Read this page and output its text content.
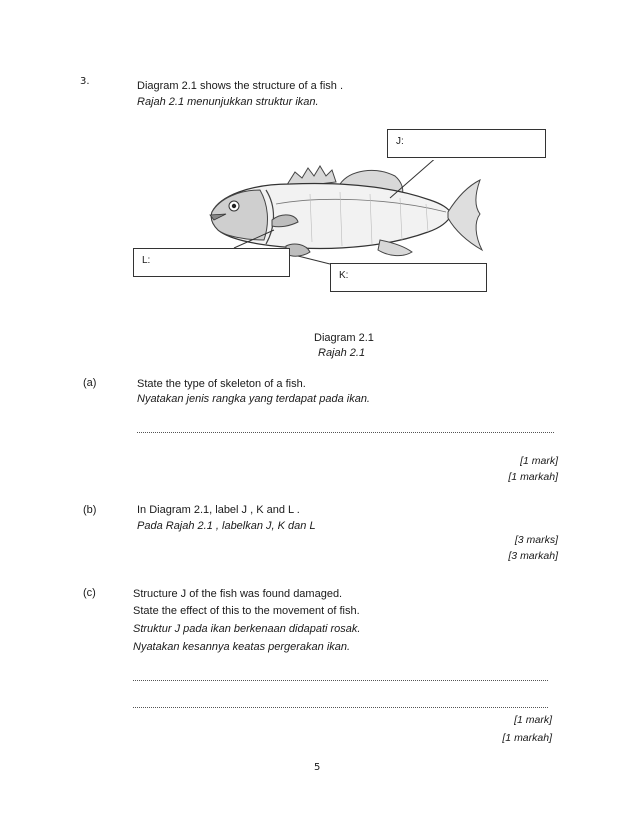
3.	Diagram 2.1 shows the structure of a fish .
Rajah 2.1 menunjukkan struktur ikan.
J:
L:
K:
Diagram 2.1
Rajah 2.1
(a)	State the type of skeleton of a fish.
Nyatakan jenis rangka yang terdapat pada ikan.
[1 mark]
[1 markah]
(b)	In Diagram 2.1, label J , K and L .
Pada Rajah 2.1 , labelkan J, K dan L
[3 marks]
[3 markah]
(c)	Structure J of the fish was found damaged.
State the effect of this to the movement of fish.
Struktur J pada ikan berkenaan didapati rosak.
Nyatakan kesannya keatas pergerakan ikan.
[1 mark]
[1 markah]
5
